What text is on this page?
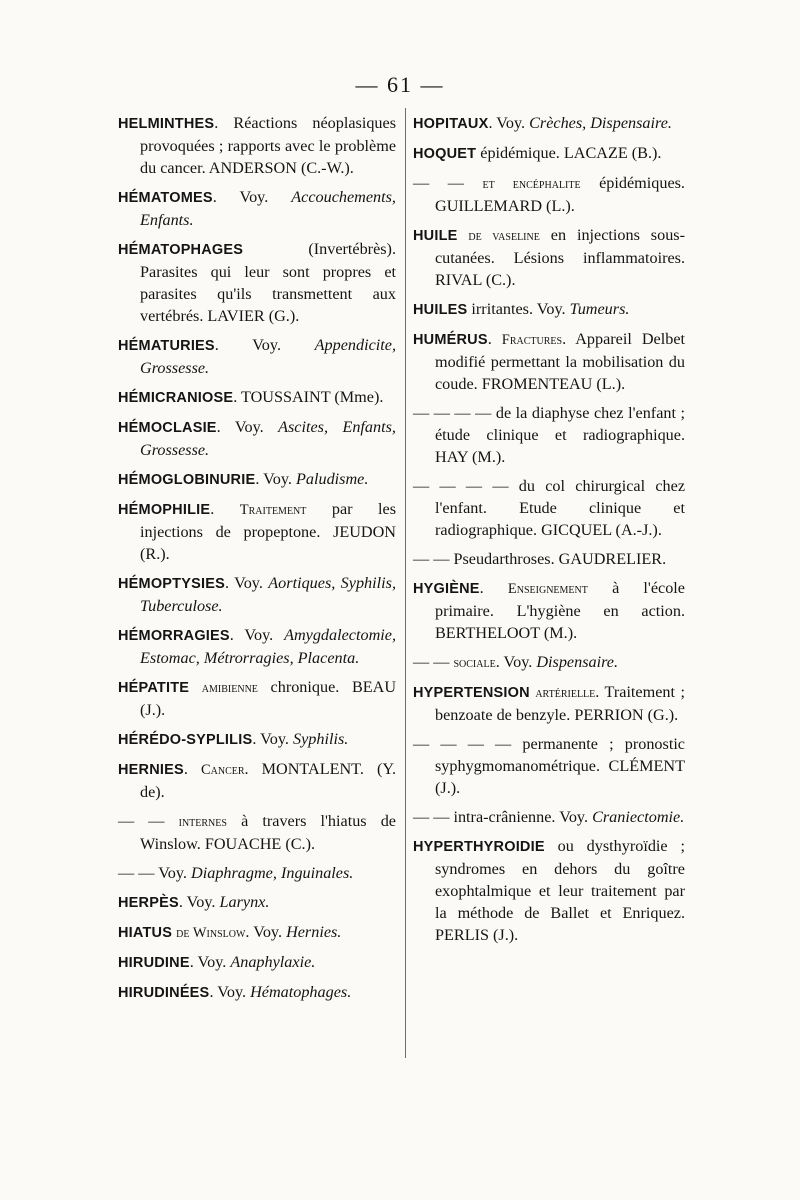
— 61 —

HELMINTHES. Réactions néoplasiques provoquées ; rapports avec le problème du cancer. ANDERSON (C.-W.).

HÉMATOMES. Voy. Accouchements, Enfants.

HÉMATOPHAGES	(Invertébrès). Parasites qui leur sont propres et parasites qu'ils transmettent aux vertébrés. LAVIER (G.).

HÉMATURIES. Voy. Appendicite, Grossesse.

HÉMICRANIOSE. TOUSSAINT (Mme).

HÉMOCLASIE. Voy. Ascites, Enfants, Grossesse.

HÉMOGLOBINURIE. Voy. Paludisme.

HÉMOPHILIE. Traitement par les injections de propeptone. JEUDON (R.).

HÉMOPTYSIES. Voy. Aortiques, Syphilis, Tuberculose.

HÉMORRAGIES. Voy. Amygdalectomie, Estomac, Métrorragies, Placenta.

HÉPATITE amibienne chronique. BEAU (J.).

HÉRÉDO-SYPLILIS. Voy. Syphilis.

HERNIES. Cancer. MONTALENT. (Y. de).

— — internes à travers l'hiatus de Winslow. FOUACHE (C.).

— — Voy. Diaphragme, Inguinales.

HERPÈS. Voy. Larynx.

HIATUS de Winslow. Voy. Hernies.

HIRUDINE. Voy. Anaphylaxie.

HIRUDINÉES. Voy. Hématophages.

HOPITAUX. Voy. Crèches, Dispensaire.

HOQUET épidémique. LACAZE (B.).

— — et encéphalite épidémiques. GUILLEMARD (L.).

HUILE de vaseline en injections sous-cutanées. Lésions inflammatoires. RIVAL (C.).

HUILES irritantes. Voy. Tumeurs.

HUMÉRUS. Fractures. Appareil Delbet modifié permettant la mobilisation du coude. FROMENTEAU (L.).

— — — — de la diaphyse chez l'enfant ; étude clinique et radiographique. HAY (M.).

— — — — du col chirurgical chez l'enfant. Etude clinique et radiographique. GICQUEL (A.-J.).

— — Pseudarthroses. GAUDRELIER.

HYGIÈNE. Enseignement à l'école primaire. L'hygiène en action. BERTHELOOT (M.).

— — sociale. Voy. Dispensaire.

HYPERTENSION artérielle. Traitement ; benzoate de benzyle. PERRION (G.).

— — — — permanente ; pronostic syphygmomanométrique. CLÉMENT (J.).

— — intra-crânienne. Voy. Craniectomie.

HYPERTHYROIDIE ou dysthyroïdie ; syndromes en dehors du goître exophtalmique et leur traitement par la méthode de Ballet et Enriquez. PERLIS (J.).
